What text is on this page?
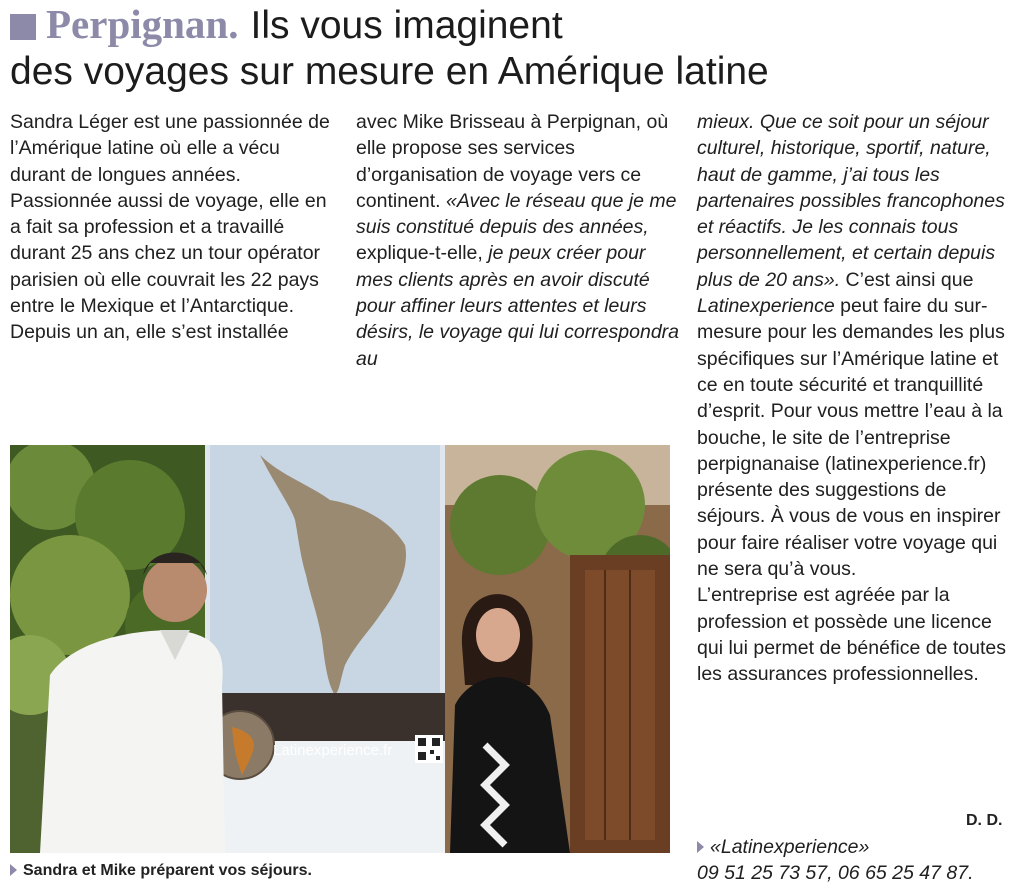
Perpignan. Ils vous imaginent
des voyages sur mesure en Amérique latine

Sandra Léger est une passionnée de l’Amérique latine où elle a vécu durant de longues années. Passionnée aussi de voyage, elle en a fait sa profession et a travaillé durant 25 ans chez un tour opérator parisien où elle couvrait les 22 pays entre le Mexique et l’Antarctique. Depuis un an, elle s’est installée

avec Mike Brisseau à Perpignan, où elle propose ses services d’organisation de voyage vers ce continent. «Avec le réseau que je me suis constitué depuis des années, explique-t-elle, je peux créer pour mes clients après en avoir discuté pour affiner leurs attentes et leurs désirs, le voyage qui lui correspondra au

mieux. Que ce soit pour un séjour culturel, historique, sportif, nature, haut de gamme, j’ai tous les partenaires possibles francophones et réactifs. Je les connais tous personnellement, et certain depuis plus de 20 ans». C’est ainsi que Latinexperience peut faire du sur-mesure pour les demandes les plus spécifiques sur l’Amérique latine et ce en toute sécurité et tranquillité d’esprit. Pour vous mettre l’eau à la bouche, le site de l’entreprise perpignanaise (latinexperience.fr) présente des suggestions de séjours. À vous de vous en inspirer pour faire réaliser votre voyage qui ne sera qu’à vous.

L’entreprise est agréée par la profession et possède une licence qui lui permet de bénéfice de toutes les assurances professionnelles.

Latinexperience.fr
Sandra et Mike préparent vos séjours.
D. D.
«Latinexperience»
09 51 25 73 57, 06 65 25 47 87.
